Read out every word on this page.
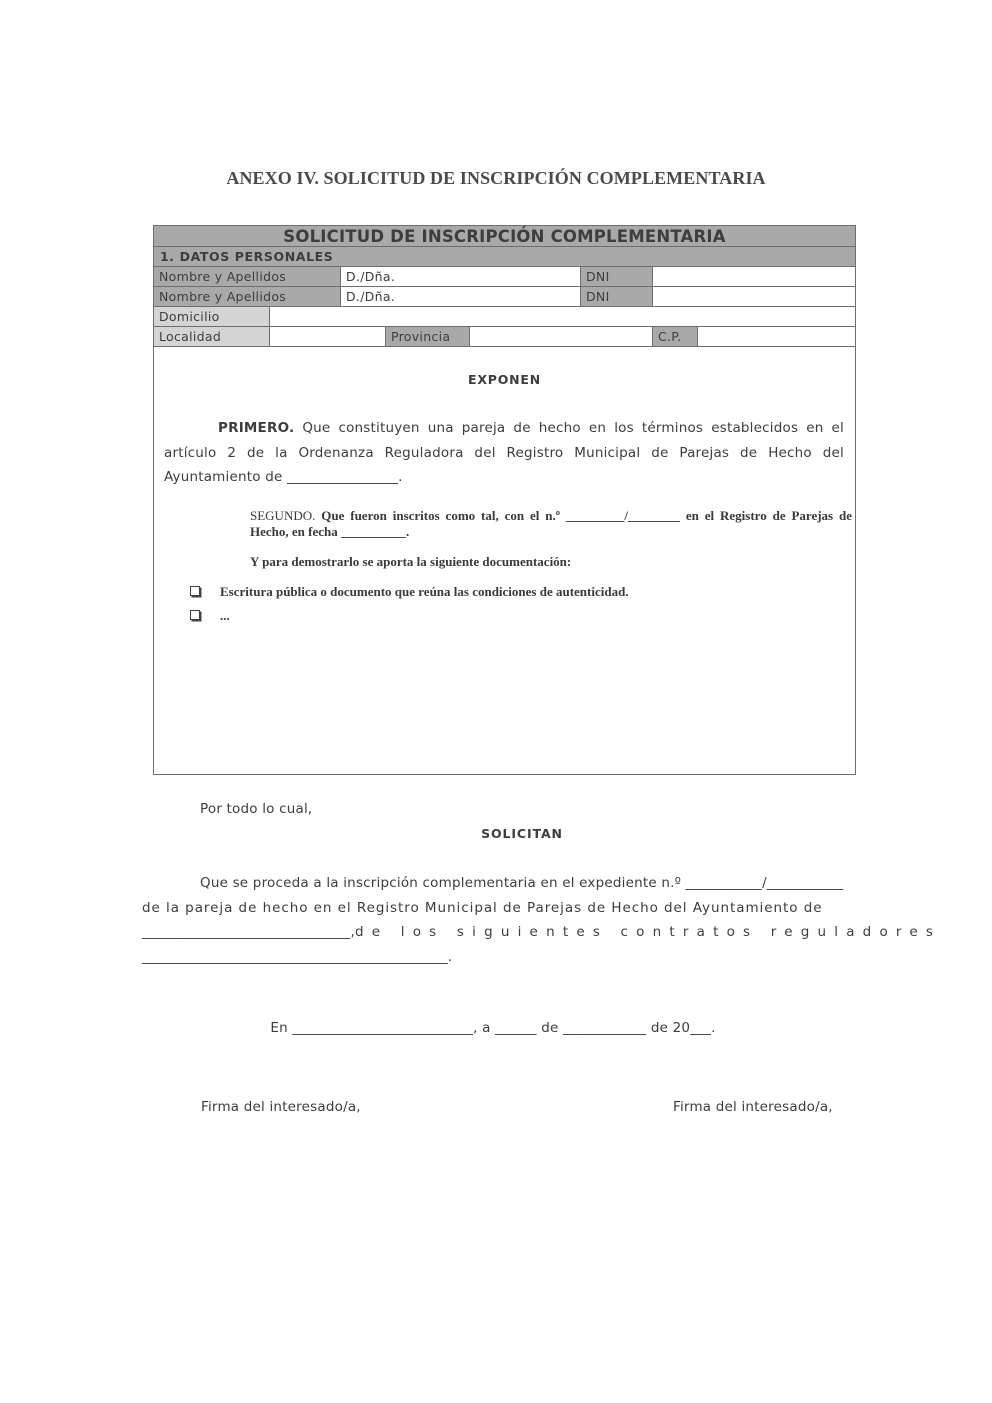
ANEXO IV. SOLICITUD DE INSCRIPCIÓN COMPLEMENTARIA
SOLICITUD DE INSCRIPCIÓN COMPLEMENTARIA
1. DATOS PERSONALES
Nombre y Apellidos	D./Dña.	DNI
Nombre y Apellidos	D./Dña.	DNI
Domicilio
Localidad	Provincia	C.P.
EXPONEN
PRIMERO. Que constituyen una pareja de hecho en los términos establecidos en el artículo 2 de la Ordenanza Reguladora del Registro Municipal de Parejas de Hecho del Ayuntamiento de ________________.
SEGUNDO. Que fueron inscritos como tal, con el n.º _________/________ en el Registro de Parejas de Hecho, en fecha __________.
Y para demostrarlo se aporta la siguiente documentación:
Escritura pública o documento que reúna las condiciones de autenticidad.
...
Por todo lo cual,
SOLICITAN
Que se proceda a la inscripción complementaria en el expediente n.º ___________/___________
de la pareja de hecho en el Registro Municipal de Parejas de Hecho del Ayuntamiento de
______________________________,de los siguientes contratos reguladores
____________________________________________.
En __________________________, a ______ de ____________ de 20___.
Firma del interesado/a,	Firma del interesado/a,
